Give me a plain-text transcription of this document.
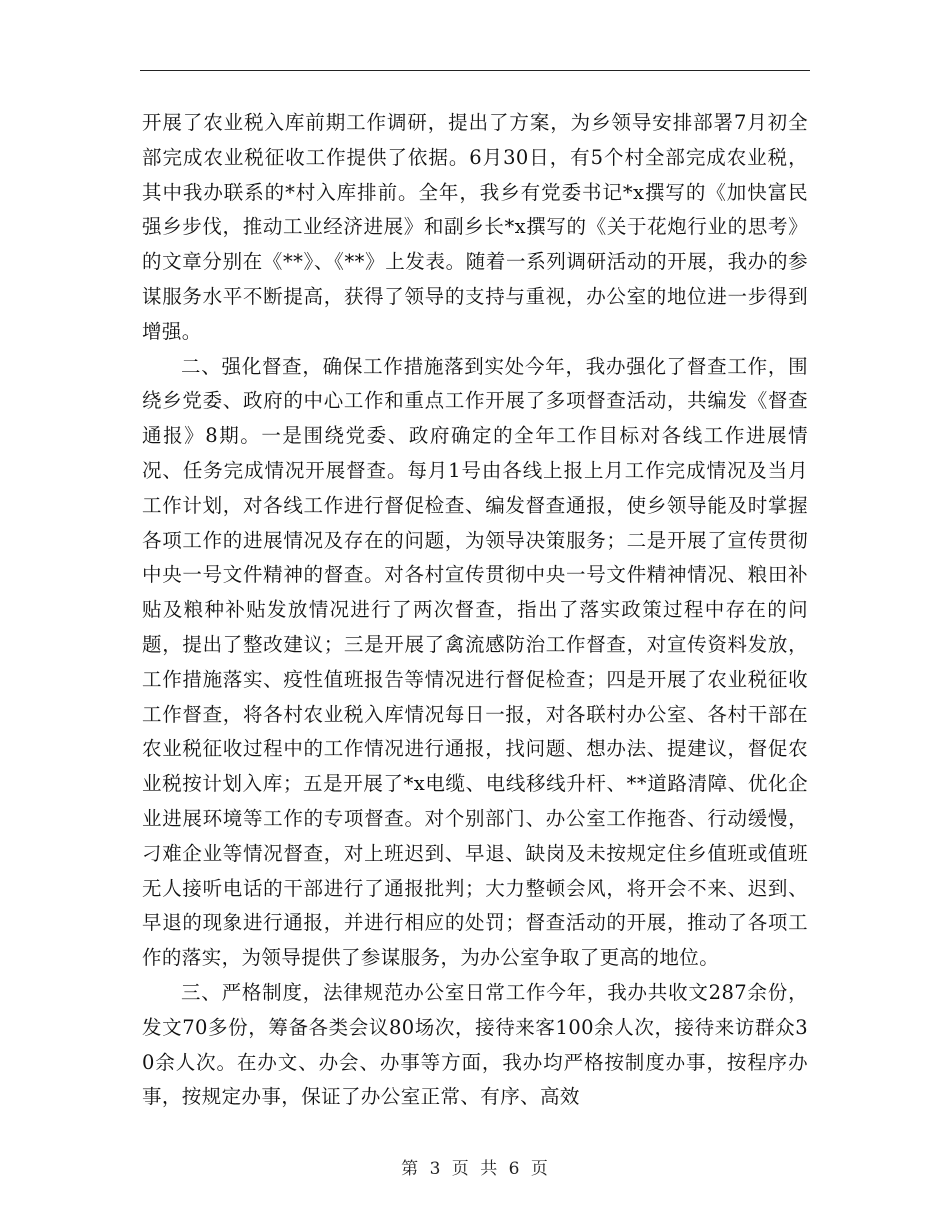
开展了农业税入库前期工作调研，提出了方案，为乡领导安排部署7月初全部完成农业税征收工作提供了依据。6月30日，有5个村全部完成农业税，其中我办联系的*村入库排前。全年，我乡有党委书记*x撰写的《加快富民强乡步伐，推动工业经济进展》和副乡长*x撰写的《关于花炮行业的思考》的文章分别在《**》、《**》上发表。随着一系列调研活动的开展，我办的参谋服务水平不断提高，获得了领导的支持与重视，办公室的地位进一步得到增强。

二、强化督查，确保工作措施落到实处今年，我办强化了督查工作，围绕乡党委、政府的中心工作和重点工作开展了多项督查活动，共编发《督查通报》8期。一是围绕党委、政府确定的全年工作目标对各线工作进展情况、任务完成情况开展督查。每月1号由各线上报上月工作完成情况及当月工作计划，对各线工作进行督促检查、编发督查通报，使乡领导能及时掌握各项工作的进展情况及存在的问题，为领导决策服务；二是开展了宣传贯彻中央一号文件精神的督查。对各村宣传贯彻中央一号文件精神情况、粮田补贴及粮种补贴发放情况进行了两次督查，指出了落实政策过程中存在的问题，提出了整改建议；三是开展了禽流感防治工作督查，对宣传资料发放，工作措施落实、疫性值班报告等情况进行督促检查；四是开展了农业税征收工作督查，将各村农业税入库情况每日一报，对各联村办公室、各村干部在农业税征收过程中的工作情况进行通报，找问题、想办法、提建议，督促农业税按计划入库；五是开展了*x电缆、电线移线升杆、**道路清障、优化企业进展环境等工作的专项督查。对个别部门、办公室工作拖沓、行动缓慢，刁难企业等情况督查，对上班迟到、早退、缺岗及未按规定住乡值班或值班无人接听电话的干部进行了通报批判；大力整顿会风，将开会不来、迟到、早退的现象进行通报，并进行相应的处罚；督查活动的开展，推动了各项工作的落实，为领导提供了参谋服务，为办公室争取了更高的地位。

三、严格制度，法律规范办公室日常工作今年，我办共收文287余份，发文70多份，筹备各类会议80场次，接待来客100余人次，接待来访群众30余人次。在办文、办会、办事等方面，我办均严格按制度办事，按程序办事，按规定办事，保证了办公室正常、有序、高效

第 3 页 共 6 页
